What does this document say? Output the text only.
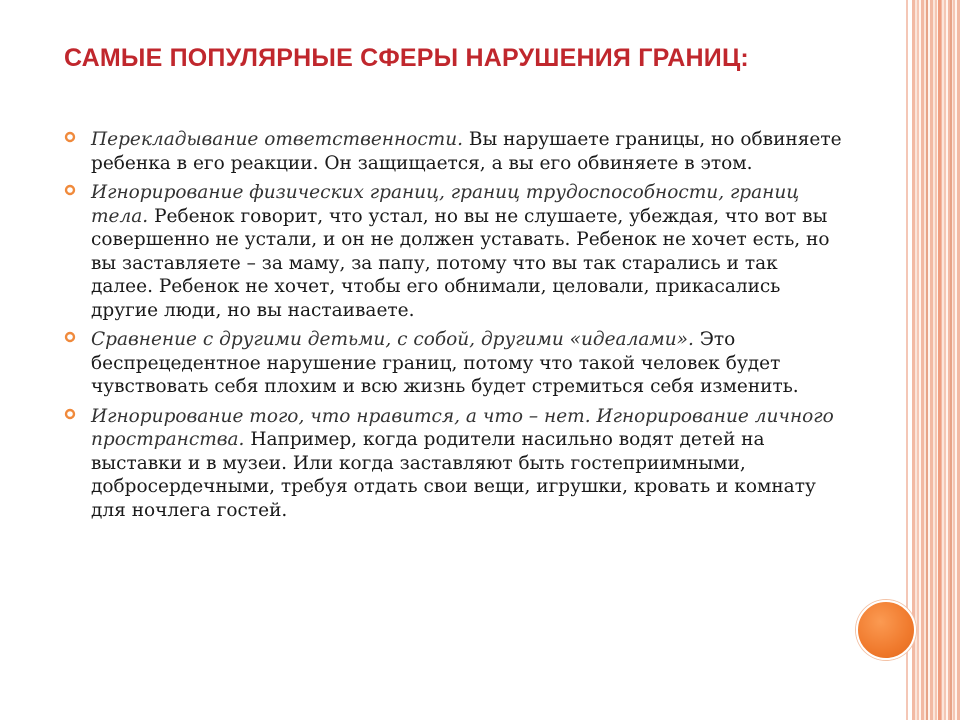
САМЫЕ ПОПУЛЯРНЫЕ СФЕРЫ НАРУШЕНИЯ ГРАНИЦ:
Перекладывание ответственности. Вы нарушаете границы, но обвиняете ребенка в его реакции. Он защищается, а вы его обвиняете в этом.
Игнорирование физических границ, границ трудоспособности, границ тела. Ребенок говорит, что устал, но вы не слушаете, убеждая, что вот вы совершенно не устали, и он не должен уставать. Ребенок не хочет есть, но вы заставляете – за маму, за папу, потому что вы так старались и так далее. Ребенок не хочет, чтобы его обнимали, целовали, прикасались другие люди, но вы настаиваете.
Сравнение с другими детьми, с собой, другими «идеалами». Это беспрецедентное нарушение границ, потому что такой человек будет чувствовать себя плохим и всю жизнь будет стремиться себя изменить.
Игнорирование того, что нравится, а что – нет. Игнорирование личного пространства. Например, когда родители насильно водят детей на выставки и в музеи. Или когда заставляют быть гостеприимными, добросердечными, требуя отдать свои вещи, игрушки, кровать и комнату для ночлега гостей.
